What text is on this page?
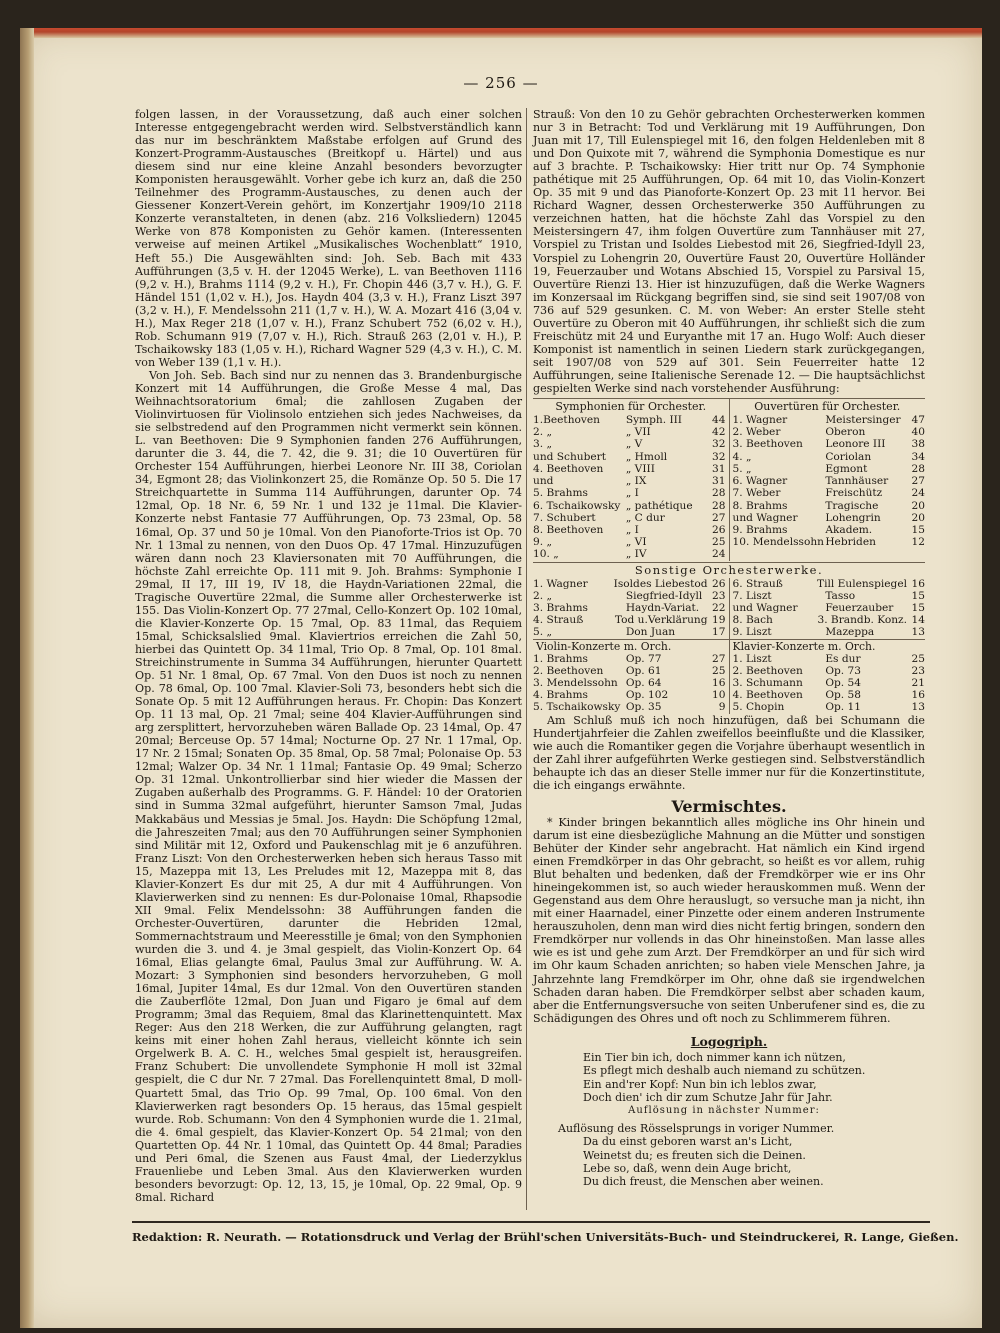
— 256 —

folgen lassen, in der Voraussetzung, daß auch einer solchen Interesse entgegengebracht werden wird. Selbstverständlich kann das nur im beschränktem Maßstabe erfolgen auf Grund des Konzert-Programm-Austausches (Breitkopf u. Härtel) und aus diesem sind nur eine kleine Anzahl besonders bevorzugter Komponisten herausgewählt. Vorher gebe ich kurz an, daß die 250 Teilnehmer des Programm-Austausches, zu denen auch der Giessener Konzert-Verein gehört, im Konzertjahr 1909/10 2118 Konzerte veranstalteten, in denen (abz. 216 Volksliedern) 12045 Werke von 878 Komponisten zu Gehör kamen. (Interessenten verweise auf meinen Artikel „Musikalisches Wochenblatt“ 1910, Heft 55.) Die Ausgewählten sind: Joh. Seb. Bach mit 433 Aufführungen (3,5 v. H. der 12045 Werke), L. van Beethoven 1116 (9,2 v. H.), Brahms 1114 (9,2 v. H.), Fr. Chopin 446 (3,7 v. H.), G. F. Händel 151 (1,02 v. H.), Jos. Haydn 404 (3,3 v. H.), Franz Liszt 397 (3,2 v. H.), F. Mendelssohn 211 (1,7 v. H.), W. A. Mozart 416 (3,04 v. H.), Max Reger 218 (1,07 v. H.), Franz Schubert 752 (6,02 v. H.), Rob. Schumann 919 (7,07 v. H.), Rich. Strauß 263 (2,01 v. H.), P. Tschaikowsky 183 (1,05 v. H.), Richard Wagner 529 (4,3 v. H.), C. M. von Weber 139 (1,1 v. H.).

Von Joh. Seb. Bach sind nur zu nennen das 3. Brandenburgische Konzert mit 14 Aufführungen, die Große Messe 4 mal, Das Weihnachtsoratorium 6mal; die zahllosen Zugaben der Violinvirtuosen für Violinsolo entziehen sich jedes Nachweises, da sie selbstredend auf den Programmen nicht vermerkt sein können. L. van Beethoven: Die 9 Symphonien fanden 276 Aufführungen, darunter die 3. 44, die 7. 42, die 9. 31; die 10 Ouvertüren für Orchester 154 Aufführungen, hierbei Leonore Nr. III 38, Coriolan 34, Egmont 28; das Violinkonzert 25, die Romänze Op. 50 5. Die 17 Streichquartette in Summa 114 Aufführungen, darunter Op. 74 12mal, Op. 18 Nr. 6, 59 Nr. 1 und 132 je 11mal. Die Klavier-Konzerte nebst Fantasie 77 Aufführungen, Op. 73 23mal, Op. 58 16mal, Op. 37 und 50 je 10mal. Von den Pianoforte-Trios ist Op. 70 Nr. 1 13mal zu nennen, von den Duos Op. 47 17mal. Hinzuzufügen wären dann noch 23 Klaviersonaten mit 70 Aufführungen, die höchste Zahl erreichte Op. 111 mit 9. Joh. Brahms: Symphonie I 29mal, II 17, III 19, IV 18, die Haydn-Variationen 22mal, die Tragische Ouvertüre 22mal, die Summe aller Orchesterwerke ist 155. Das Violin-Konzert Op. 77 27mal, Cello-Konzert Op. 102 10mal, die Klavier-Konzerte Op. 15 7mal, Op. 83 11mal, das Requiem 15mal, Schicksalslied 9mal. Klaviertrios erreichen die Zahl 50, hierbei das Quintett Op. 34 11mal, Trio Op. 8 7mal, Op. 101 8mal. Streichinstrumente in Summa 34 Aufführungen, hierunter Quartett Op. 51 Nr. 1 8mal, Op. 67 7mal. Von den Duos ist noch zu nennen Op. 78 6mal, Op. 100 7mal. Klavier-Soli 73, besonders hebt sich die Sonate Op. 5 mit 12 Aufführungen heraus. Fr. Chopin: Das Konzert Op. 11 13 mal, Op. 21 7mal; seine 404 Klavier-Aufführungen sind arg zersplittert, hervorzuheben wären Ballade Op. 23 14mal, Op. 47 20mal; Berceuse Op. 57 14mal; Nocturne Op. 27 Nr. 1 17mal, Op. 17 Nr. 2 15mal; Sonaten Op. 35 8mal, Op. 58 7mal; Polonaise Op. 53 12mal; Walzer Op. 34 Nr. 1 11mal; Fantasie Op. 49 9mal; Scherzo Op. 31 12mal. Unkontrollierbar sind hier wieder die Massen der Zugaben außerhalb des Programms. G. F. Händel: 10 der Oratorien sind in Summa 32mal aufgeführt, hierunter Samson 7mal, Judas Makkabäus und Messias je 5mal. Jos. Haydn: Die Schöpfung 12mal, die Jahreszeiten 7mal; aus den 70 Aufführungen seiner Symphonien sind Militär mit 12, Oxford und Paukenschlag mit je 6 anzuführen. Franz Liszt: Von den Orchesterwerken heben sich heraus Tasso mit 15, Mazeppa mit 13, Les Preludes mit 12, Mazeppa mit 8, das Klavier-Konzert Es dur mit 25, A dur mit 4 Aufführungen. Von Klavierwerken sind zu nennen: Es dur-Polonaise 10mal, Rhapsodie XII 9mal. Felix Mendelssohn: 38 Aufführungen fanden die Orchester-Ouvertüren, darunter die Hebriden 12mal, Sommernachtstraum und Meeresstille je 6mal; von den Symphonien wurden die 3. und 4. je 3mal gespielt, das Violin-Konzert Op. 64 16mal, Elias gelangte 6mal, Paulus 3mal zur Aufführung. W. A. Mozart: 3 Symphonien sind besonders hervorzuheben, G moll 16mal, Jupiter 14mal, Es dur 12mal. Von den Ouvertüren standen die Zauberflöte 12mal, Don Juan und Figaro je 6mal auf dem Programm; 3mal das Requiem, 8mal das Klarinettenquintett. Max Reger: Aus den 218 Werken, die zur Aufführung gelangten, ragt keins mit einer hohen Zahl heraus, vielleicht könnte ich sein Orgelwerk B. A. C. H., welches 5mal gespielt ist, herausgreifen. Franz Schubert: Die unvollendete Symphonie H moll ist 32mal gespielt, die C dur Nr. 7 27mal. Das Forellenquintett 8mal, D moll-Quartett 5mal, das Trio Op. 99 7mal, Op. 100 6mal. Von den Klavierwerken ragt besonders Op. 15 heraus, das 15mal gespielt wurde. Rob. Schumann: Von den 4 Symphonien wurde die 1. 21mal, die 4. 6mal gespielt, das Klavier-Konzert Op. 54 21mal; von den Quartetten Op. 44 Nr. 1 10mal, das Quintett Op. 44 8mal; Paradies und Peri 6mal, die Szenen aus Faust 4mal, der Liederzyklus Frauenliebe und Leben 3mal. Aus den Klavierwerken wurden besonders bevorzugt: Op. 12, 13, 15, je 10mal, Op. 22 9mal, Op. 9 8mal. Richard

Strauß: Von den 10 zu Gehör gebrachten Orchesterwerken kommen nur 3 in Betracht: Tod und Verklärung mit 19 Aufführungen, Don Juan mit 17, Till Eulenspiegel mit 16, den folgen Heldenleben mit 8 und Don Quixote mit 7, während die Symphonia Domestique es nur auf 3 brachte. P. Tschaikowsky: Hier tritt nur Op. 74 Symphonie pathétique mit 25 Aufführungen, Op. 64 mit 10, das Violin-Konzert Op. 35 mit 9 und das Pianoforte-Konzert Op. 23 mit 11 hervor. Bei Richard Wagner, dessen Orchesterwerke 350 Aufführungen zu verzeichnen hatten, hat die höchste Zahl das Vorspiel zu den Meistersingern 47, ihm folgen Ouvertüre zum Tannhäuser mit 27, Vorspiel zu Tristan und Isoldes Liebestod mit 26, Siegfried-Idyll 23, Vorspiel zu Lohengrin 20, Ouvertüre Faust 20, Ouvertüre Holländer 19, Feuerzauber und Wotans Abschied 15, Vorspiel zu Parsival 15, Ouvertüre Rienzi 13. Hier ist hinzuzufügen, daß die Werke Wagners im Konzersaal im Rückgang begriffen sind, sie sind seit 1907/08 von 736 auf 529 gesunken. C. M. von Weber: An erster Stelle steht Ouvertüre zu Oberon mit 40 Aufführungen, ihr schließt sich die zum Freischütz mit 24 und Euryanthe mit 17 an. Hugo Wolf: Auch dieser Komponist ist namentlich in seinen Liedern stark zurückgegangen, seit 1907/08 von 529 auf 301. Sein Feuerreiter hatte 12 Aufführungen, seine Italienische Serenade 12. — Die hauptsächlichst gespielten Werke sind nach vorstehender Ausführung:

Symphonien für Orchester.	Ouvertüren für Orchester.
1.Beethoven	Symph. III	44
2. „	„ VII	42
3. „	„ V	32
und Schubert	„ Hmoll	32
4. Beethoven	„ VIII	31
und	„ IX	31
5. Brahms	„ I	28
6. Tschaikowsky „ pathétique	28
7. Schubert	„ C dur	27
8. Beethoven	„ I	26
9. „	„ VI	25
10. „	„ IV	24
1. Wagner	Meistersinger	47
2. Weber	Oberon	40
3. Beethoven	Leonore III	38
4. „	Coriolan	34
5. „	Egmont	28
6. Wagner	Tannhäuser	27
7. Weber	Freischütz	24
8. Brahms	Tragische	20
und Wagner	Lohengrin	20
9. Brahms	Akadem.	15
10. Mendelssohn Hebriden	12
Sonstige Orchesterwerke.
1. Wagner	Isoldes Liebestod 26
2. „	Siegfried-Idyll 23
3. Brahms	Haydn-Variat.	22
4. Strauß	Tod u.Verklärung 19
5. „	Don Juan	17
6. Strauß	Till Eulenspiegel 16
7. Liszt	Tasso	15
und Wagner	Feuerzauber	15
8. Bach	3. Brandb. Konz. 14
9. Liszt	Mazeppa	13
Violin-Konzerte m. Orch.	Klavier-Konzerte m. Orch.
1. Brahms	Op. 77	27
2. Beethoven	Op. 61	25
3. Mendelssohn Op. 64	16
4. Brahms	Op. 102	10
5. Tschaikowsky Op. 35	9
1. Liszt	Es dur	25
2. Beethoven	Op. 73	23
3. Schumann	Op. 54	21
4. Beethoven	Op. 58	16
5. Chopin	Op. 11	13

Am Schluß muß ich noch hinzufügen, daß bei Schumann die Hundertjahrfeier die Zahlen zweifellos beeinflußte und die Klassiker, wie auch die Romantiker gegen die Vorjahre überhaupt wesentlich in der Zahl ihrer aufgeführten Werke gestiegen sind. Selbstverständlich behaupte ich das an dieser Stelle immer nur für die Konzertinstitute, die ich eingangs erwähnte.

Vermischtes.

* Kinder bringen bekanntlich alles mögliche ins Ohr hinein und darum ist eine diesbezügliche Mahnung an die Mütter und sonstigen Behüter der Kinder sehr angebracht. Hat nämlich ein Kind irgend einen Fremdkörper in das Ohr gebracht, so heißt es vor allem, ruhig Blut behalten und bedenken, daß der Fremdkörper wie er ins Ohr hineingekommen ist, so auch wieder herauskommen muß. Wenn der Gegenstand aus dem Ohre herauslugt, so versuche man ja nicht, ihn mit einer Haarnadel, einer Pinzette oder einem anderen Instrumente herauszuholen, denn man wird dies nicht fertig bringen, sondern den Fremdkörper nur vollends in das Ohr hineinstoßen. Man lasse alles wie es ist und gehe zum Arzt. Der Fremdkörper an und für sich wird im Ohr kaum Schaden anrichten; so haben viele Menschen Jahre, ja Jahrzehnte lang Fremdkörper im Ohr, ohne daß sie irgendwelchen Schaden daran haben. Die Fremdkörper selbst aber schaden kaum, aber die Entfernungsversuche von seiten Unberufener sind es, die zu Schädigungen des Ohres und oft noch zu Schlimmerem führen.

Logogriph.
Ein Tier bin ich, doch nimmer kann ich nützen,
Es pflegt mich deshalb auch niemand zu schützen.
Ein and'rer Kopf: Nun bin ich leblos zwar,
Doch dien' ich dir zum Schutze Jahr für Jahr.
Auflösung in nächster Nummer:
Auflösung des Rösselsprungs in voriger Nummer.
Da du einst geboren warst an's Licht,
Weinetst du; es freuten sich die Deinen.
Lebe so, daß, wenn dein Auge bricht,
Du dich freust, die Menschen aber weinen.
Redaktion: R. Neurath. — Rotationsdruck und Verlag der Brühl'schen Universitäts-Buch- und Steindruckerei, R. Lange, Gießen.
